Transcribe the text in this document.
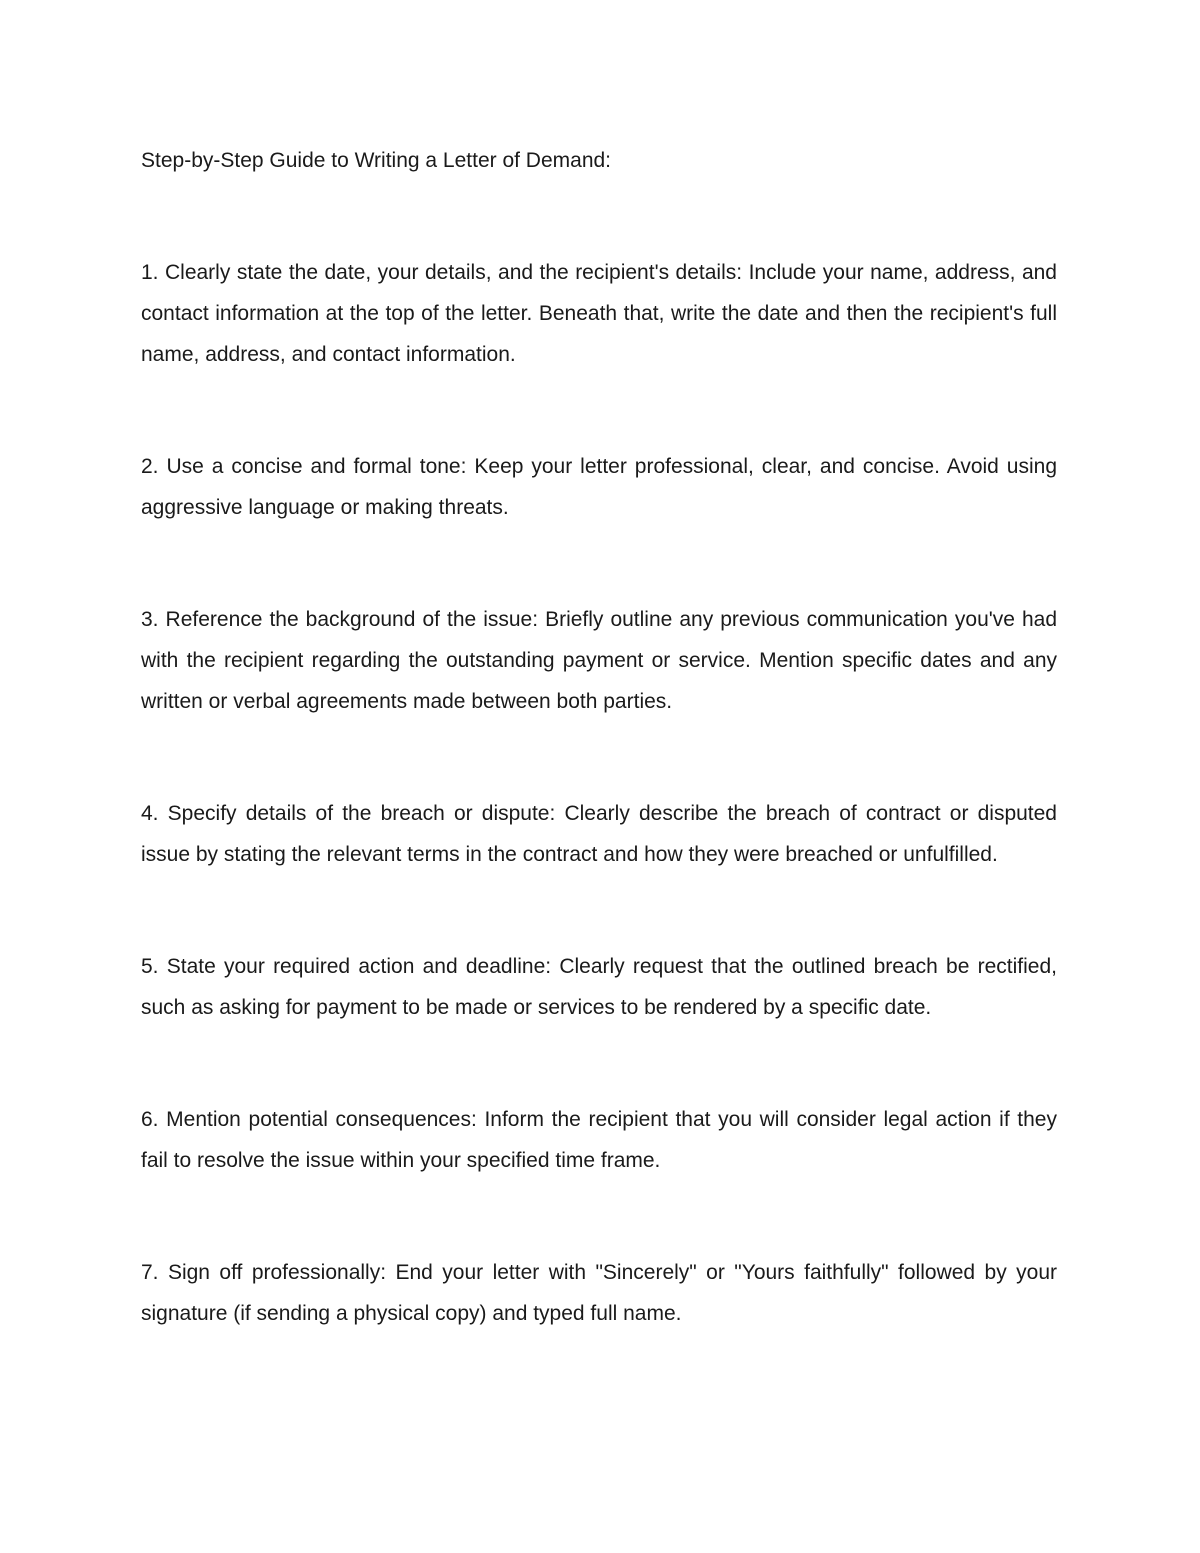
Step-by-Step Guide to Writing a Letter of Demand:

1. Clearly state the date, your details, and the recipient's details: Include your name, address, and contact information at the top of the letter. Beneath that, write the date and then the recipient's full name, address, and contact information.

2. Use a concise and formal tone: Keep your letter professional, clear, and concise. Avoid using aggressive language or making threats.

3. Reference the background of the issue: Briefly outline any previous communication you've had with the recipient regarding the outstanding payment or service. Mention specific dates and any written or verbal agreements made between both parties.

4. Specify details of the breach or dispute: Clearly describe the breach of contract or disputed issue by stating the relevant terms in the contract and how they were breached or unfulfilled.

5. State your required action and deadline: Clearly request that the outlined breach be rectified, such as asking for payment to be made or services to be rendered by a specific date.

6. Mention potential consequences: Inform the recipient that you will consider legal action if they fail to resolve the issue within your specified time frame.

7. Sign off professionally: End your letter with "Sincerely" or "Yours faithfully" followed by your signature (if sending a physical copy) and typed full name.
